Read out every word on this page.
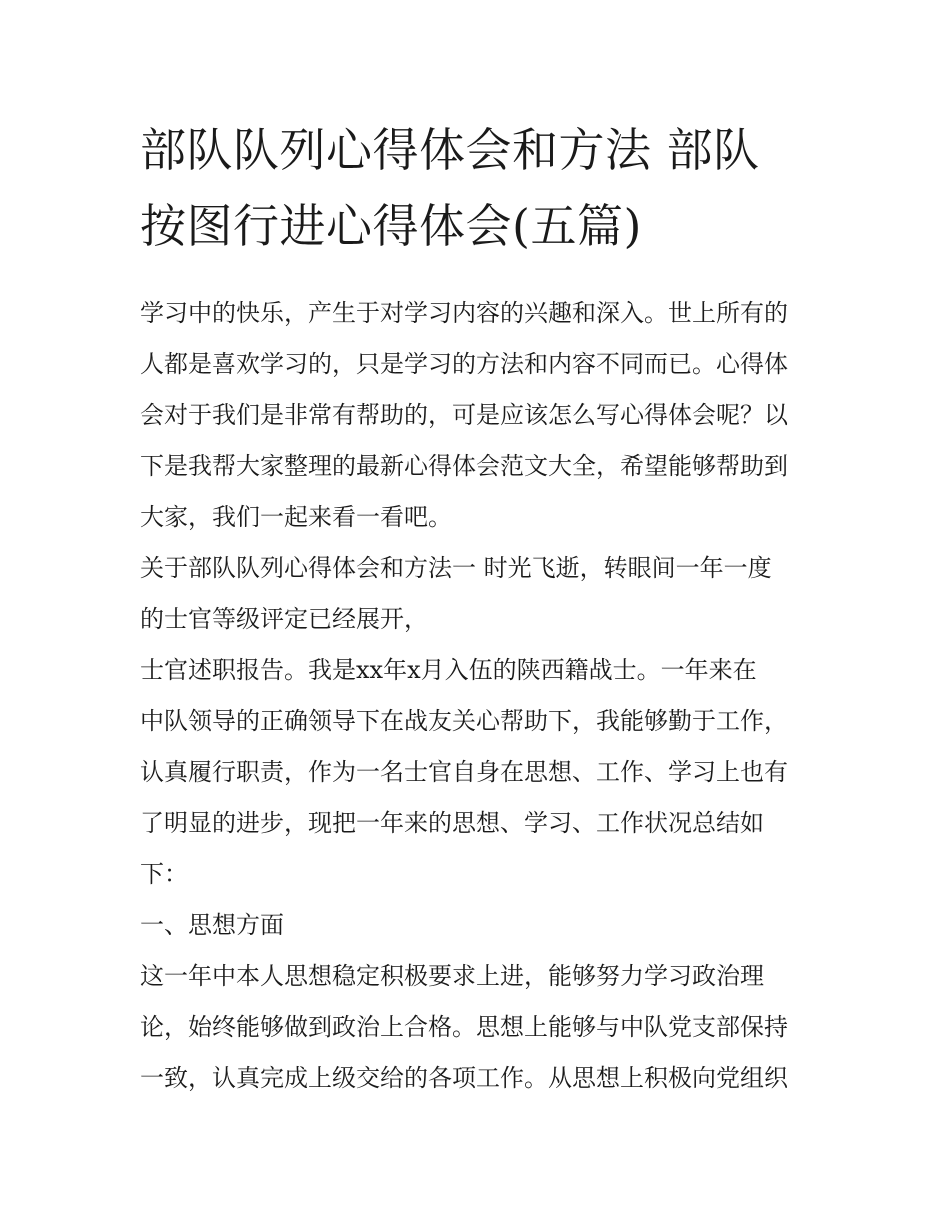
部队队列心得体会和方法 部队
按图行进心得体会(五篇)
学习中的快乐，产生于对学习内容的兴趣和深入。世上所有的
人都是喜欢学习的，只是学习的方法和内容不同而已。心得体
会对于我们是非常有帮助的，可是应该怎么写心得体会呢？以
下是我帮大家整理的最新心得体会范文大全，希望能够帮助到
大家，我们一起来看一看吧。
关于部队队列心得体会和方法一 时光飞逝，转眼间一年一度
的士官等级评定已经展开，
士官述职报告。我是xx年x月入伍的陕西籍战士。一年来在
中队领导的正确领导下在战友关心帮助下，我能够勤于工作，
认真履行职责，作为一名士官自身在思想、工作、学习上也有
了明显的进步，现把一年来的思想、学习、工作状况总结如
下：
一、思想方面
这一年中本人思想稳定积极要求上进，能够努力学习政治理
论，始终能够做到政治上合格。思想上能够与中队党支部保持
一致，认真完成上级交给的各项工作。从思想上积极向党组织
